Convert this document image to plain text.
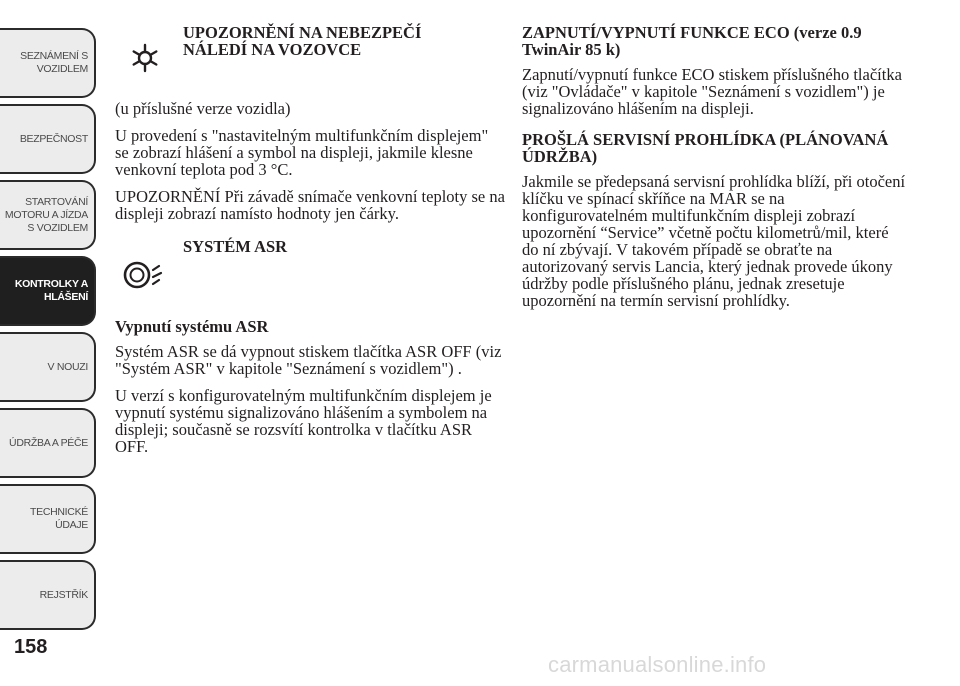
SEZNÁMENÍ S
VOZIDLEM
BEZPEČNOST
STARTOVÁNÍ
MOTORU A JÍZDA
S VOZIDLEM
KONTROLKY A
HLÁŠENÍ
V NOUZI
ÚDRŽBA A PÉČE
TECHNICKÉ
ÚDAJE
REJSTŘÍK
158

UPOZORNĚNÍ NA NEBEZPEČÍ NÁLEDÍ NA VOZOVCE

(u příslušné verze vozidla)

U provedení s "nastavitelným multifunkčním displejem" se zobrazí hlášení a symbol na displeji, jakmile klesne venkovní teplota pod 3 °C.

UPOZORNĚNÍ Při závadě snímače venkovní teploty se na displeji zobrazí namísto hodnoty jen čárky.

SYSTÉM ASR

Vypnutí systému ASR

Systém ASR se dá vypnout stiskem tlačítka ASR OFF (viz "Systém ASR" v kapitole "Seznámení s vozidlem") .

U verzí s konfigurovatelným multifunkčním displejem je vypnutí systému signalizováno hlášením a symbolem na displeji; současně se rozsvítí kontrolka v tlačítku ASR OFF.

ZAPNUTÍ/VYPNUTÍ FUNKCE ECO (verze 0.9 TwinAir 85 k)

Zapnutí/vypnutí funkce ECO stiskem příslušného tlačítka (viz "Ovládače" v kapitole "Seznámení s vozidlem") je signalizováno hlášením na displeji.

PROŠLÁ SERVISNÍ PROHLÍDKA (PLÁNOVANÁ ÚDRŽBA)

Jakmile se předepsaná servisní prohlídka blíží, při otočení klíčku ve spínací skříňce na MAR se na konfigurovatelném multifunkčním displeji zobrazí upozornění “Service” včetně počtu kilometrů/mil, které do ní zbývají. V takovém případě se obraťte na autorizovaný servis Lancia, který jednak provede úkony údržby podle příslušného plánu, jednak zresetuje upozornění na termín servisní prohlídky.

carmanualsonline.info
